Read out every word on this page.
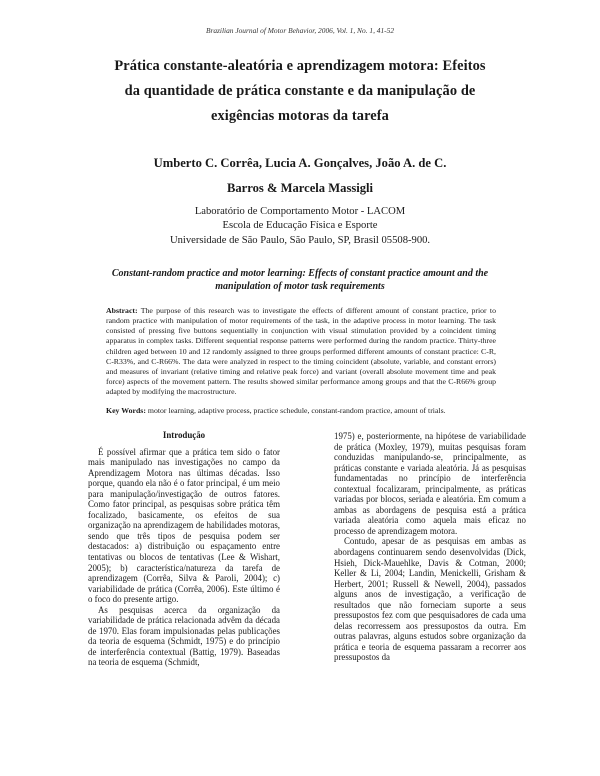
Brazilian Journal of Motor Behavior, 2006, Vol. 1, No. 1, 41-52
Prática constante-aleatória e aprendizagem motora: Efeitos da quantidade de prática constante e da manipulação de exigências motoras da tarefa
Umberto C. Corrêa, Lucia A. Gonçalves, João A. de C. Barros & Marcela Massigli
Laboratório de Comportamento Motor - LACOM
Escola de Educação Física e Esporte
Universidade de São Paulo, São Paulo, SP, Brasil 05508-900.
Constant-random practice and motor learning: Effects of constant practice amount and the manipulation of motor task requirements
Abstract: The purpose of this research was to investigate the effects of different amount of constant practice, prior to random practice with manipulation of motor requirements of the task, in the adaptive process in motor learning. The task consisted of pressing five buttons sequentially in conjunction with visual stimulation provided by a coincident timing apparatus in complex tasks. Different sequential response patterns were performed during the random practice. Thirty-three children aged between 10 and 12 randomly assigned to three groups performed different amounts of constant practice: C-R, C-R33%, and C-R66%. The data were analyzed in respect to the timing coincident (absolute, variable, and constant errors) and measures of invariant (relative timing and relative peak force) and variant (overall absolute movement time and peak force) aspects of the movement pattern. The results showed similar performance among groups and that the C-R66% group adapted by modifying the macrostructure.
Key Words: motor learning, adaptive process, practice schedule, constant-random practice, amount of trials.
Introdução

É possível afirmar que a prática tem sido o fator mais manipulado nas investigações no campo da Aprendizagem Motora nas últimas décadas. Isso porque, quando ela não é o fator principal, é um meio para manipulação/investigação de outros fatores. Como fator principal, as pesquisas sobre prática têm focalizado, basicamente, os efeitos de sua organização na aprendizagem de habilidades motoras, sendo que três tipos de pesquisa podem ser destacados: a) distribuição ou espaçamento entre tentativas ou blocos de tentativas (Lee & Wishart, 2005); b) característica/natureza da tarefa de aprendizagem (Corrêa, Silva & Paroli, 2004); c) variabilidade de prática (Corrêa, 2006). Este último é o foco do presente artigo.

As pesquisas acerca da organização da variabilidade de prática relacionada advêm da década de 1970. Elas foram impulsionadas pelas publicações da teoria de esquema (Schmidt, 1975) e do princípio de interferência contextual (Battig, 1979). Baseadas na teoria de esquema (Schmidt,

1975) e, posteriormente, na hipótese de variabilidade de prática (Moxley, 1979), muitas pesquisas foram conduzidas manipulando-se, principalmente, as práticas constante e variada aleatória. Já as pesquisas fundamentadas no princípio de interferência contextual focalizaram, principalmente, as práticas variadas por blocos, seriada e aleatória. Em comum a ambas as abordagens de pesquisa está a prática variada aleatória como aquela mais eficaz no processo de aprendizagem motora.

Contudo, apesar de as pesquisas em ambas as abordagens continuarem sendo desenvolvidas (Dick, Hsieh, Dick-Mauehlke, Davis & Cotman, 2000; Keller & Li, 2004; Landin, Menickelli, Grisham & Herbert, 2001; Russell & Newell, 2004), passados alguns anos de investigação, a verificação de resultados que não forneciam suporte a seus pressupostos fez com que pesquisadores de cada uma delas recorressem aos pressupostos da outra. Em outras palavras, alguns estudos sobre organização da prática e teoria de esquema passaram a recorrer aos pressupostos da
